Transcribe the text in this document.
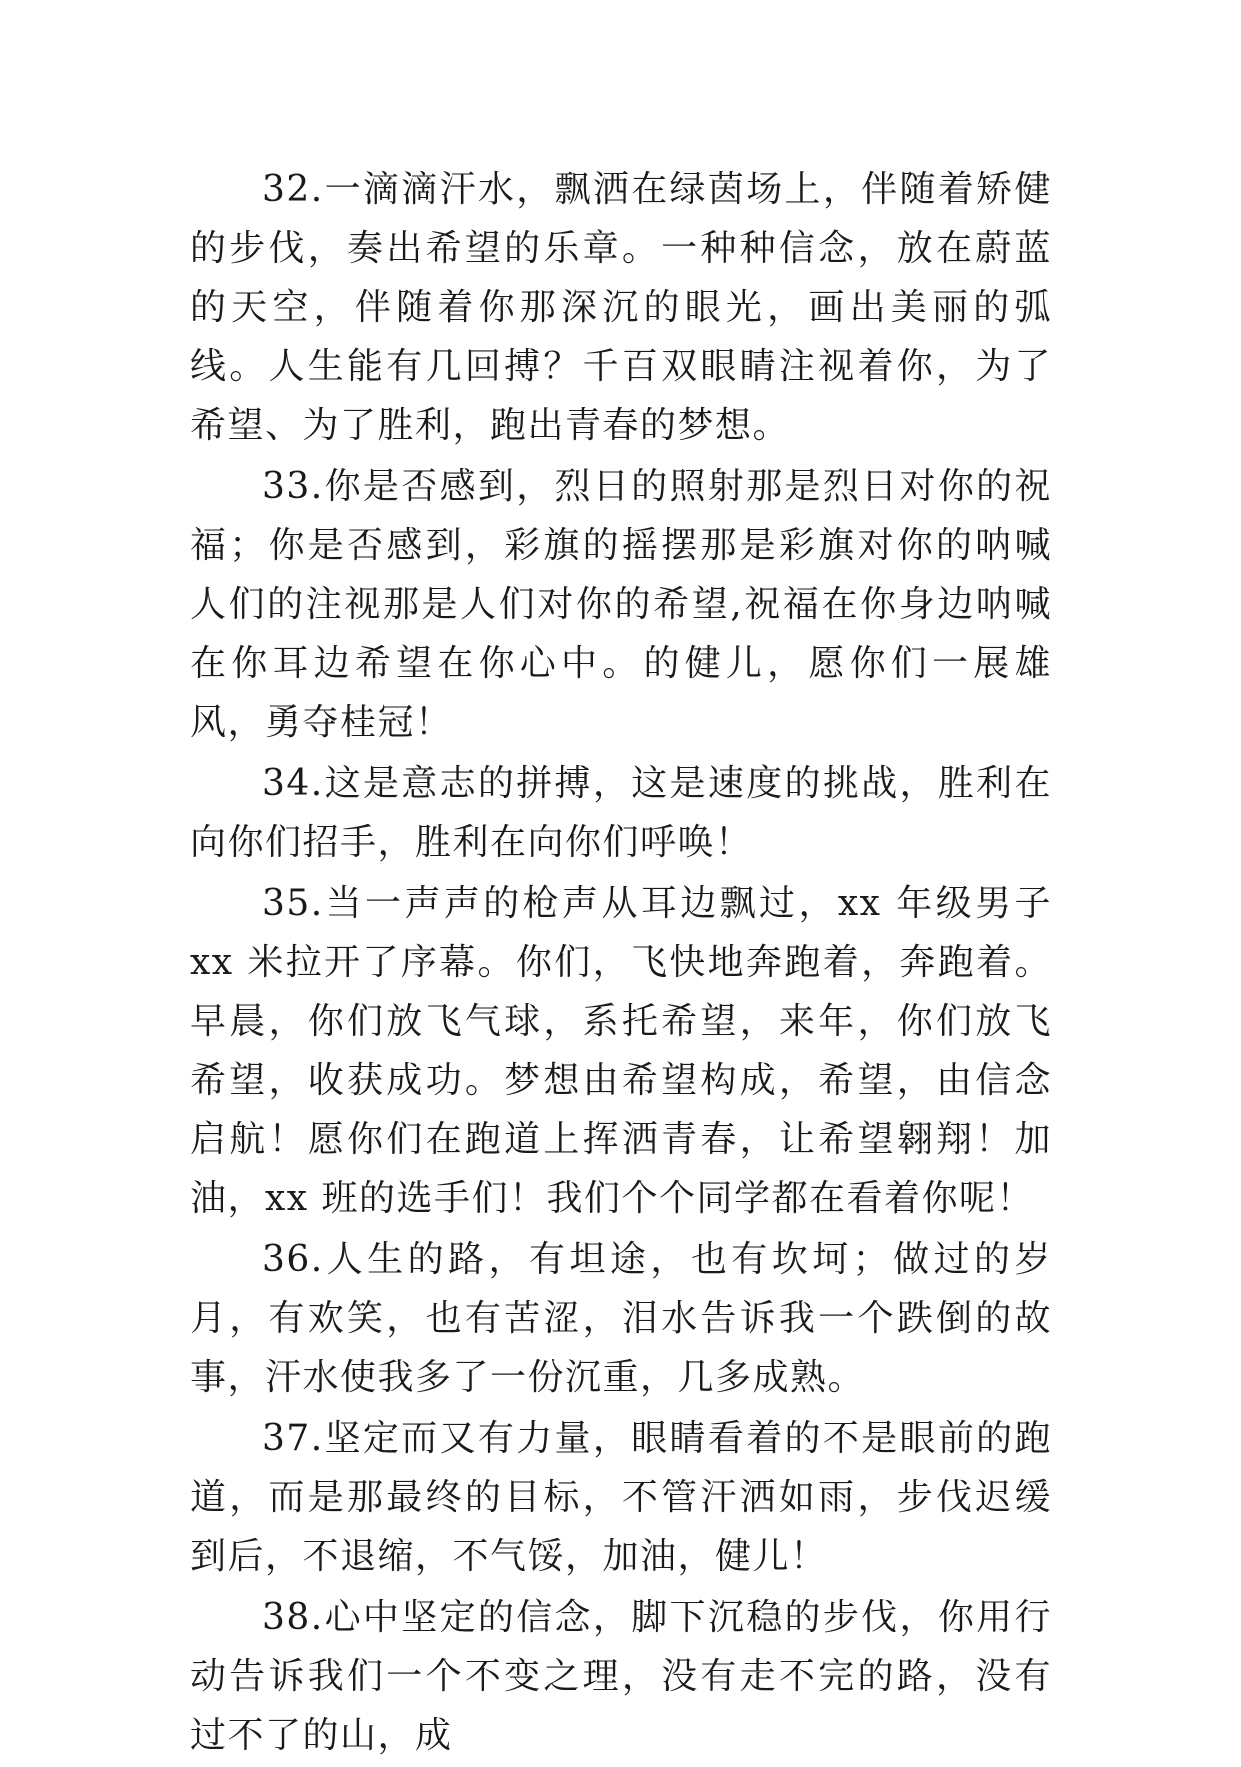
32.一滴滴汗水，飘洒在绿茵场上，伴随着矫健的步伐，奏出希望的乐章。一种种信念，放在蔚蓝的天空，伴随着你那深沉的眼光，画出美丽的弧线。人生能有几回搏？千百双眼睛注视着你，为了希望、为了胜利，跑出青春的梦想。

33.你是否感到，烈日的照射那是烈日对你的祝福；你是否感到，彩旗的摇摆那是彩旗对你的呐喊人们的注视那是人们对你的希望,祝福在你身边呐喊在你耳边希望在你心中。的健儿，愿你们一展雄风，勇夺桂冠！

34.这是意志的拼搏，这是速度的挑战，胜利在向你们招手，胜利在向你们呼唤！

35.当一声声的枪声从耳边飘过，xx 年级男子 xx 米拉开了序幕。你们，飞快地奔跑着，奔跑着。早晨，你们放飞气球，系托希望，来年，你们放飞希望，收获成功。梦想由希望构成，希望，由信念启航！愿你们在跑道上挥洒青春，让希望翱翔！加油，xx 班的选手们！我们个个同学都在看着你呢！

36.人生的路，有坦途，也有坎坷；做过的岁月，有欢笑，也有苦涩，泪水告诉我一个跌倒的故事，汗水使我多了一份沉重，几多成熟。

37.坚定而又有力量，眼睛看着的不是眼前的跑道，而是那最终的目标，不管汗洒如雨，步伐迟缓到后，不退缩，不气馁，加油，健儿！

38.心中坚定的信念，脚下沉稳的步伐，你用行动告诉我们一个不变之理，没有走不完的路，没有过不了的山，成
